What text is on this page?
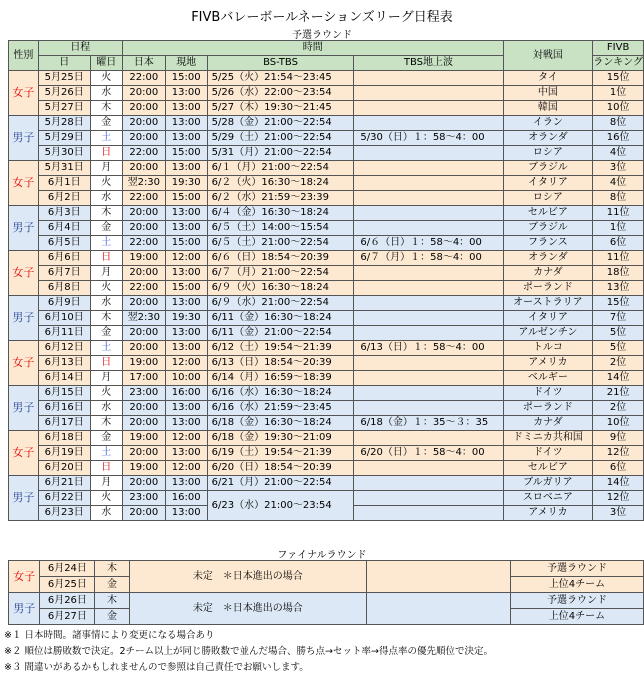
FIVBバレーボールネーションズリーグ日程表
予選ラウンド
性別	日程		時間				対戦国	FIVB
	日	曜日	日本	現地	BS-TBS	TBS地上波		ランキング
女子	5月25日	火	22:00	15:00	5/25（火）21:54～23:45		タイ	15位
	5月26日	水	20:00	13:00	5/26（水）22:00～23:54		中国	1位
	5月27日	木	20:00	13:00	5/27（木）19:30～21:45		韓国	10位
男子	5月28日	金	20:00	13:00	5/28（金）21:00～22:54		イラン	8位
	5月29日	土	20:00	13:00	5/29（土）21:00～22:54	5/30（日）１：58～4：00	オランダ	16位
	5月30日	日	22:00	15:00	5/31（月）21:00～22:54		ロシア	4位
女子	5月31日	月	20:00	13:00	6/１（月）21:00～22:54		ブラジル	3位
	6月1日	火	翌2:30	19:30	6/２（火）16:30～18:24		イタリア	4位
	6月2日	水	22:00	15:00	6/２（水）21:59～23:39		ロシア	8位
男子	6月3日	木	20:00	13:00	6/４（金）16:30～18:24		セルビア	11位
	6月4日	金	20:00	13:00	6/５（土）14:00～15:54		ブラジル	1位
	6月5日	土	22:00	15:00	6/５（土）21:00～22:54	6/６（日）１：58～4：00	フランス	6位
女子	6月6日	日	19:00	12:00	6/６（日）18:54～20:39	6/７（月）１：58～4：00	オランダ	11位
	6月7日	月	20:00	13:00	6/７（月）21:00～22:54		カナダ	18位
	6月8日	火	22:00	15:00	6/９（火）16:30～18:24		ポーランド	13位
男子	6月9日	水	20:00	13:00	6/９（水）21:00～22:54		オーストラリア	15位
	6月10日	木	翌2:30	19:30	6/11（金）16:30～18:24		イタリア	7位
	6月11日	金	20:00	13:00	6/11（金）21:00～22:54		アルゼンチン	5位
女子	6月12日	土	20:00	13:00	6/12（土）19:54～21:39	6/13（日）１：58～4：00	トルコ	5位
	6月13日	日	19:00	12:00	6/13（日）18:54～20:39		アメリカ	2位
	6月14日	月	17:00	10:00	6/14（月）16:59～18:39		ベルギー	14位
男子	6月15日	火	23:00	16:00	6/16（水）16:30～18:24		ドイツ	21位
	6月16日	水	20:00	13:00	6/16（水）21:59～23:45		ポーランド	2位
	6月17日	木	20:00	13:00	6/18（金）16:30～18:24	6/18（金）１：35～３：35	カナダ	10位
女子	6月18日	金	19:00	12:00	6/18（金）19:30～21:09		ドミニカ共和国	9位
	6月19日	土	20:00	13:00	6/19（土）19:54～21:39	6/20（日）１：58～4：00	ドイツ	12位
	6月20日	日	19:00	12:00	6/20（日）18:54～20:39		セルビア	6位
男子	6月21日	月	20:00	13:00	6/21（月）21:00～22:54		ブルガリア	14位
	6月22日	火	23:00	16:00	6/23（水）21:00～23:54		スロベニア	12位
	6月23日	水	20:00	13:00			アメリカ	3位
ファイナルラウンド
女子	6月24日	木	未定　＊日本進出の場合		予選ラウンド
	6月25日	金			上位4チーム
男子	6月26日	木	未定　＊日本進出の場合		予選ラウンド
	6月27日	金			上位4チーム
※１ 日本時間。諸事情により変更になる場合あり
※２ 順位は勝敗数で決定。2チーム以上が同じ勝敗数で並んだ場合、勝ち点→セット率→得点率の優先順位で決定。
※３ 間違いがあるかもしれませんので参照は自己責任でお願いします。
